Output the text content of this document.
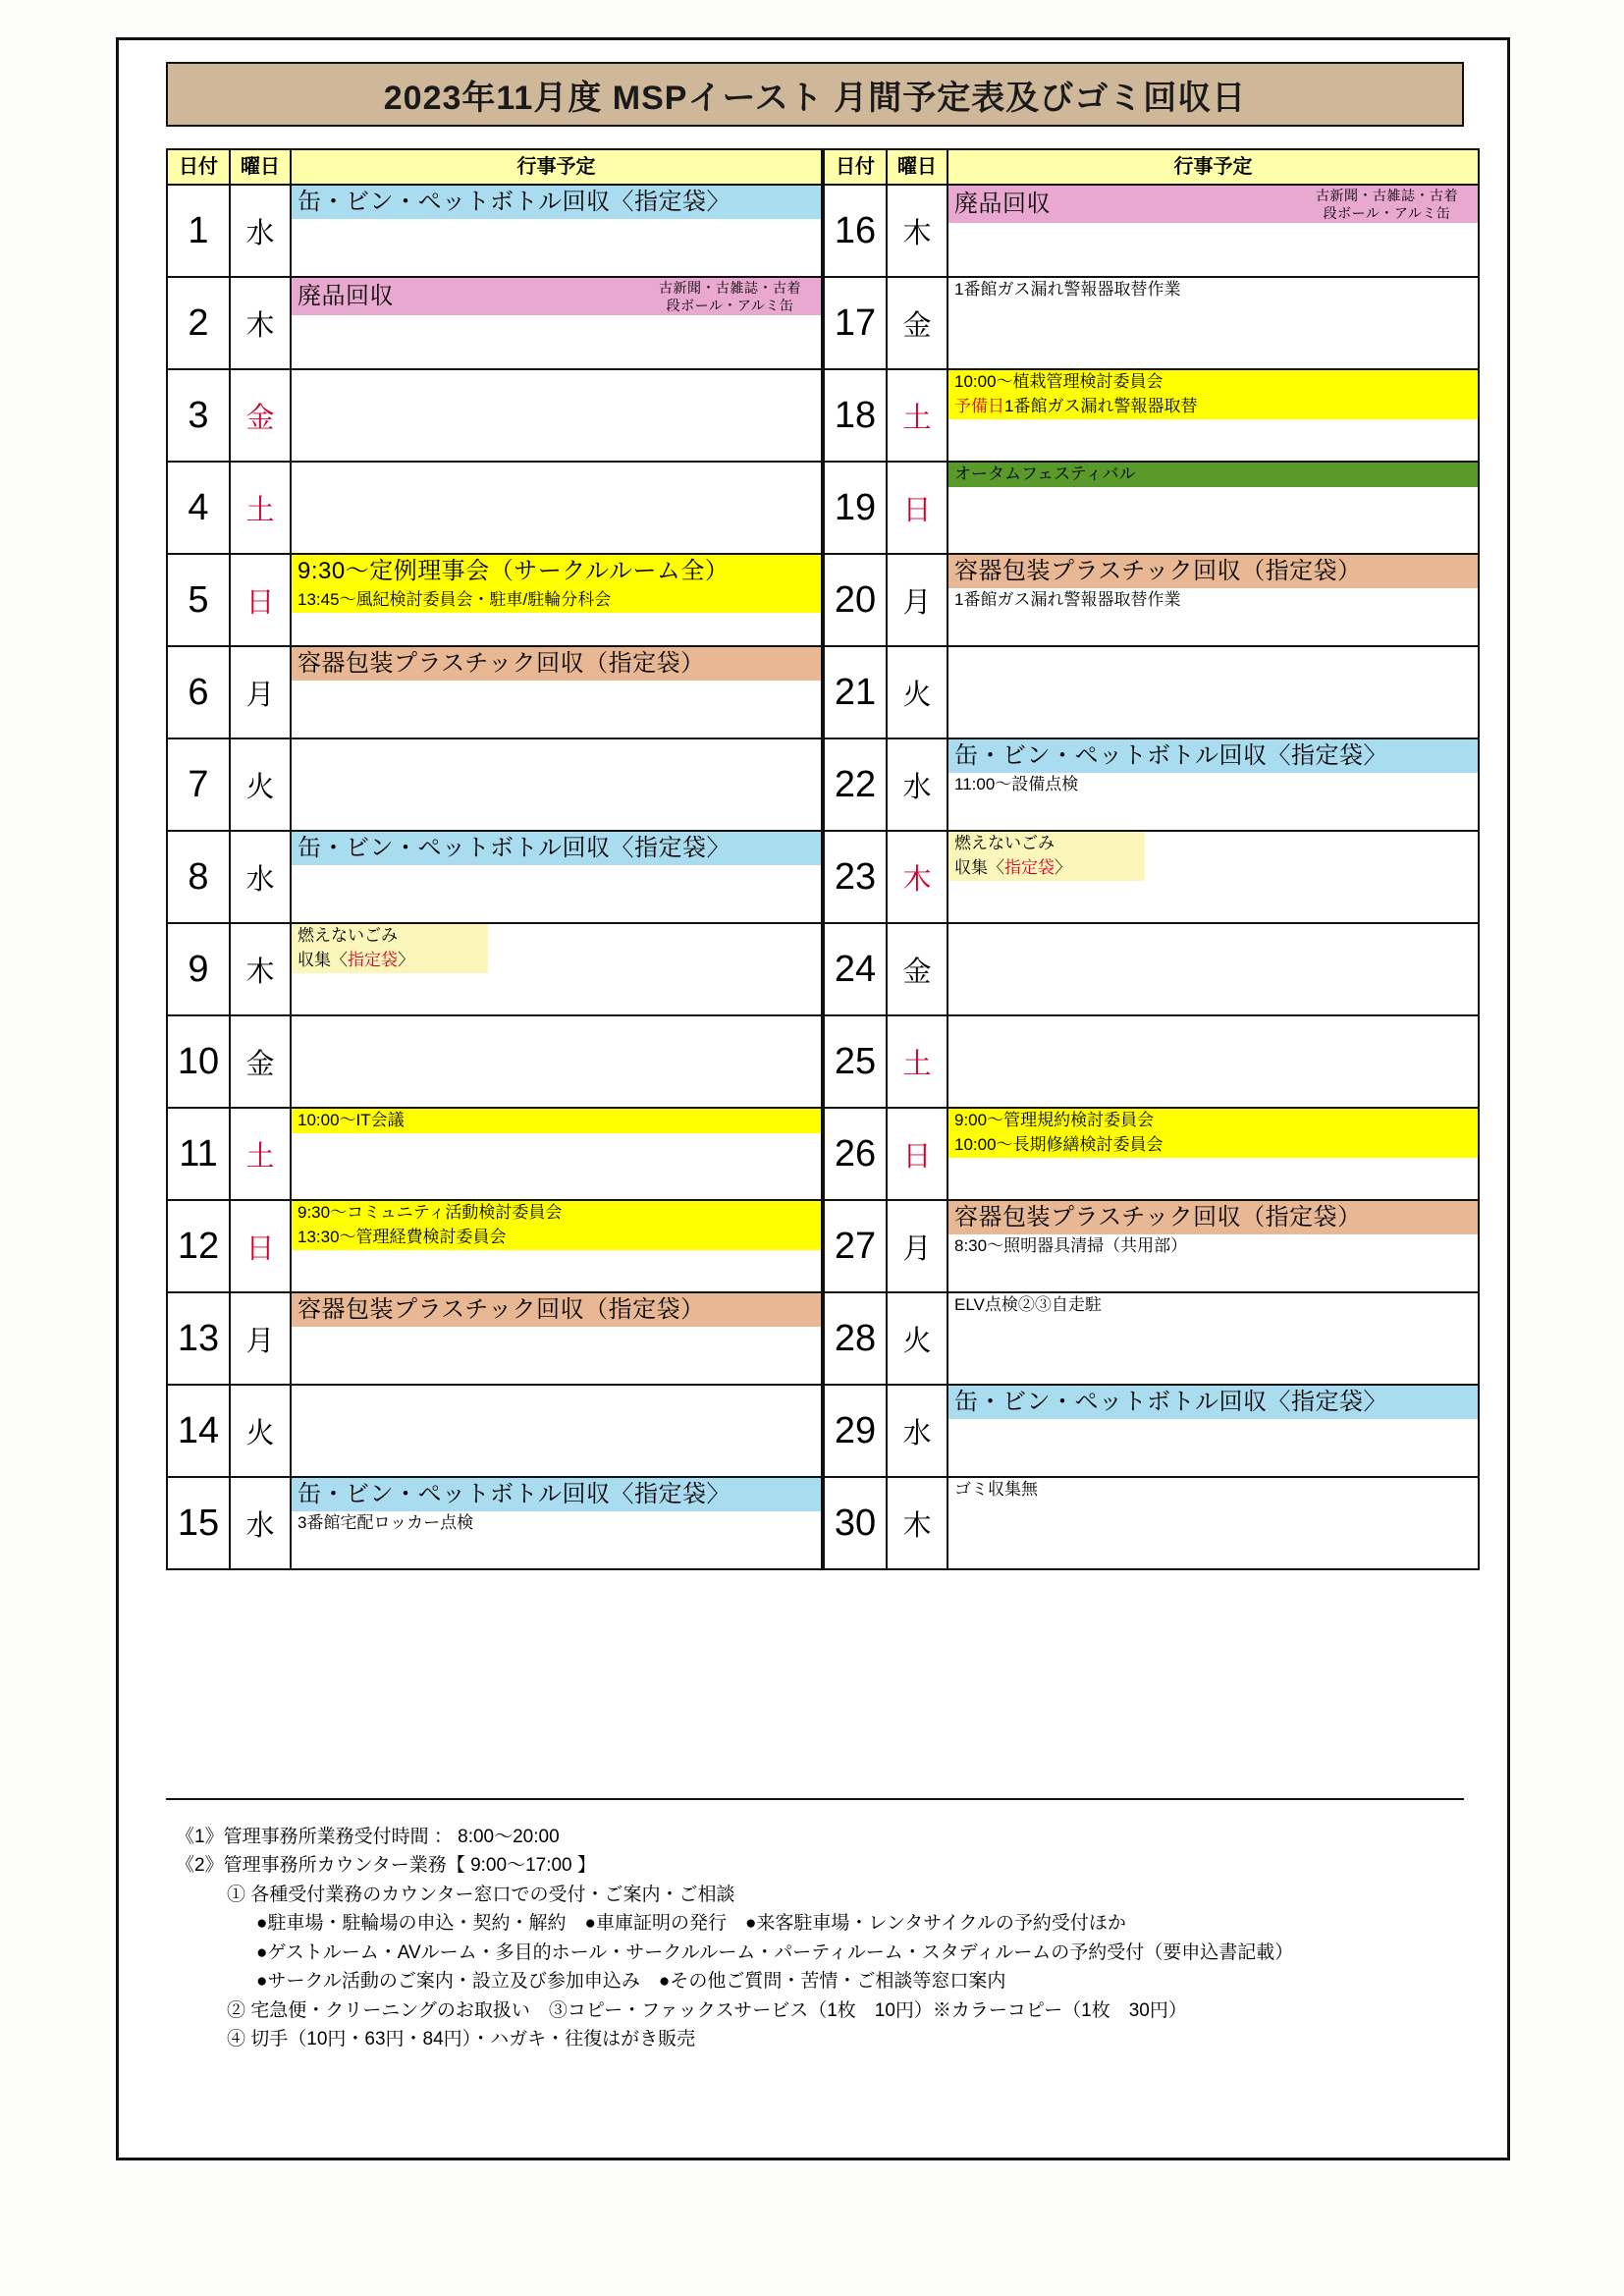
2023年11月度 MSPイースト 月間予定表及びゴミ回収日
日付	曜日	行事予定
1	水	缶・ビン・ペットボトル回収〈指定袋〉

2	木	廃品回収 古新聞・古雑誌・古着
段ボール・アルミ缶

3	金	

4	土	

5	日	9:30〜定例理事会（サークルルーム全）
13:45〜風紀検討委員会・駐車/駐輪分科会

6	月	容器包装プラスチック回収（指定袋）

7	火	

8	水	缶・ビン・ペットボトル回収〈指定袋〉

9	木	燃えないごみ
収集〈指定袋〉

10	金	

11	土	10:00〜IT会議

12	日	9:30〜コミュニティ活動検討委員会
13:30〜管理経費検討委員会

13	月	容器包装プラスチック回収（指定袋）

14	火	

15	水	缶・ビン・ペットボトル回収〈指定袋〉
3番館宅配ロッカー点検
日付	曜日	行事予定
16	木	廃品回収 古新聞・古雑誌・古着
段ボール・アルミ缶

17	金	1番館ガス漏れ警報器取替作業

18	土	10:00〜植栽管理検討委員会
予備日1番館ガス漏れ警報器取替

19	日	オータムフェスティバル

20	月	容器包装プラスチック回収（指定袋）
1番館ガス漏れ警報器取替作業

21	火	

22	水	缶・ビン・ペットボトル回収〈指定袋〉
11:00〜設備点検

23	木	燃えないごみ
収集〈指定袋〉

24	金	

25	土	

26	日	9:00〜管理規約検討委員会
10:00〜長期修繕検討委員会

27	月	容器包装プラスチック回収（指定袋）
8:30〜照明器具清掃（共用部）

28	火	ELV点検②③自走駐

29	水	缶・ビン・ペットボトル回収〈指定袋〉

30	木	ゴミ収集無
《1》管理事務所業務受付時間 ： 8:00〜20:00
《2》管理事務所カウンター業務【 9:00〜17:00 】
① 各種受付業務のカウンター窓口での受付・ご案内・ご相談
●駐車場・駐輪場の申込・契約・解約　●車庫証明の発行　●来客駐車場・レンタサイクルの予約受付ほか
●ゲストルーム・AVルーム・多目的ホール・サークルルーム・パーティルーム・スタディルームの予約受付（要申込書記載）
●サークル活動のご案内・設立及び参加申込み　●その他ご質問・苦情・ご相談等窓口案内
② 宅急便・クリーニングのお取扱い　③コピー・ファックスサービス（1枚　10円）※カラーコピー（1枚　30円）
④ 切手（10円・63円・84円）・ハガキ・往復はがき販売
